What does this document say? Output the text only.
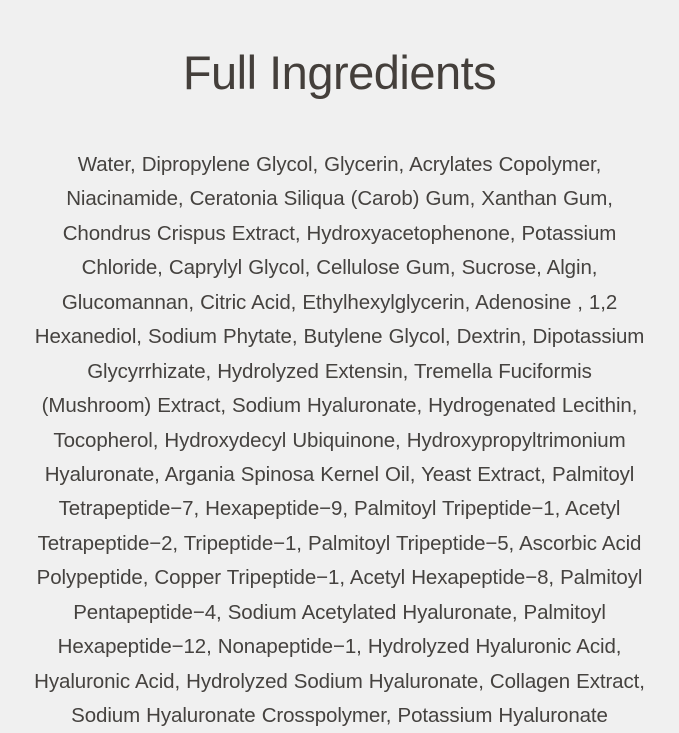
Full Ingredients

Water, Dipropylene Glycol, Glycerin, Acrylates Copolymer, Niacinamide, Ceratonia Siliqua (Carob) Gum, Xanthan Gum, Chondrus Crispus Extract, Hydroxyacetophenone, Potassium Chloride, Caprylyl Glycol, Cellulose Gum, Sucrose, Algin, Glucomannan, Citric Acid, Ethylhexylglycerin, Adenosine , 1,2 Hexanediol, Sodium Phytate, Butylene Glycol, Dextrin, Dipotassium Glycyrrhizate, Hydrolyzed Extensin, Tremella Fuciformis (Mushroom) Extract, Sodium Hyaluronate, Hydrogenated Lecithin, Tocopherol, Hydroxydecyl Ubiquinone, Hydroxypropyltrimonium Hyaluronate, Argania Spinosa Kernel Oil, Yeast Extract, Palmitoyl Tetrapeptide−7, Hexapeptide−9, Palmitoyl Tripeptide−1, Acetyl Tetrapeptide−2, Tripeptide−1, Palmitoyl Tripeptide−5, Ascorbic Acid Polypeptide, Copper Tripeptide−1, Acetyl Hexapeptide−8, Palmitoyl Pentapeptide−4, Sodium Acetylated Hyaluronate, Palmitoyl Hexapeptide−12, Nonapeptide−1, Hydrolyzed Hyaluronic Acid, Hyaluronic Acid, Hydrolyzed Sodium Hyaluronate, Collagen Extract, Sodium Hyaluronate Crosspolymer, Potassium Hyaluronate
